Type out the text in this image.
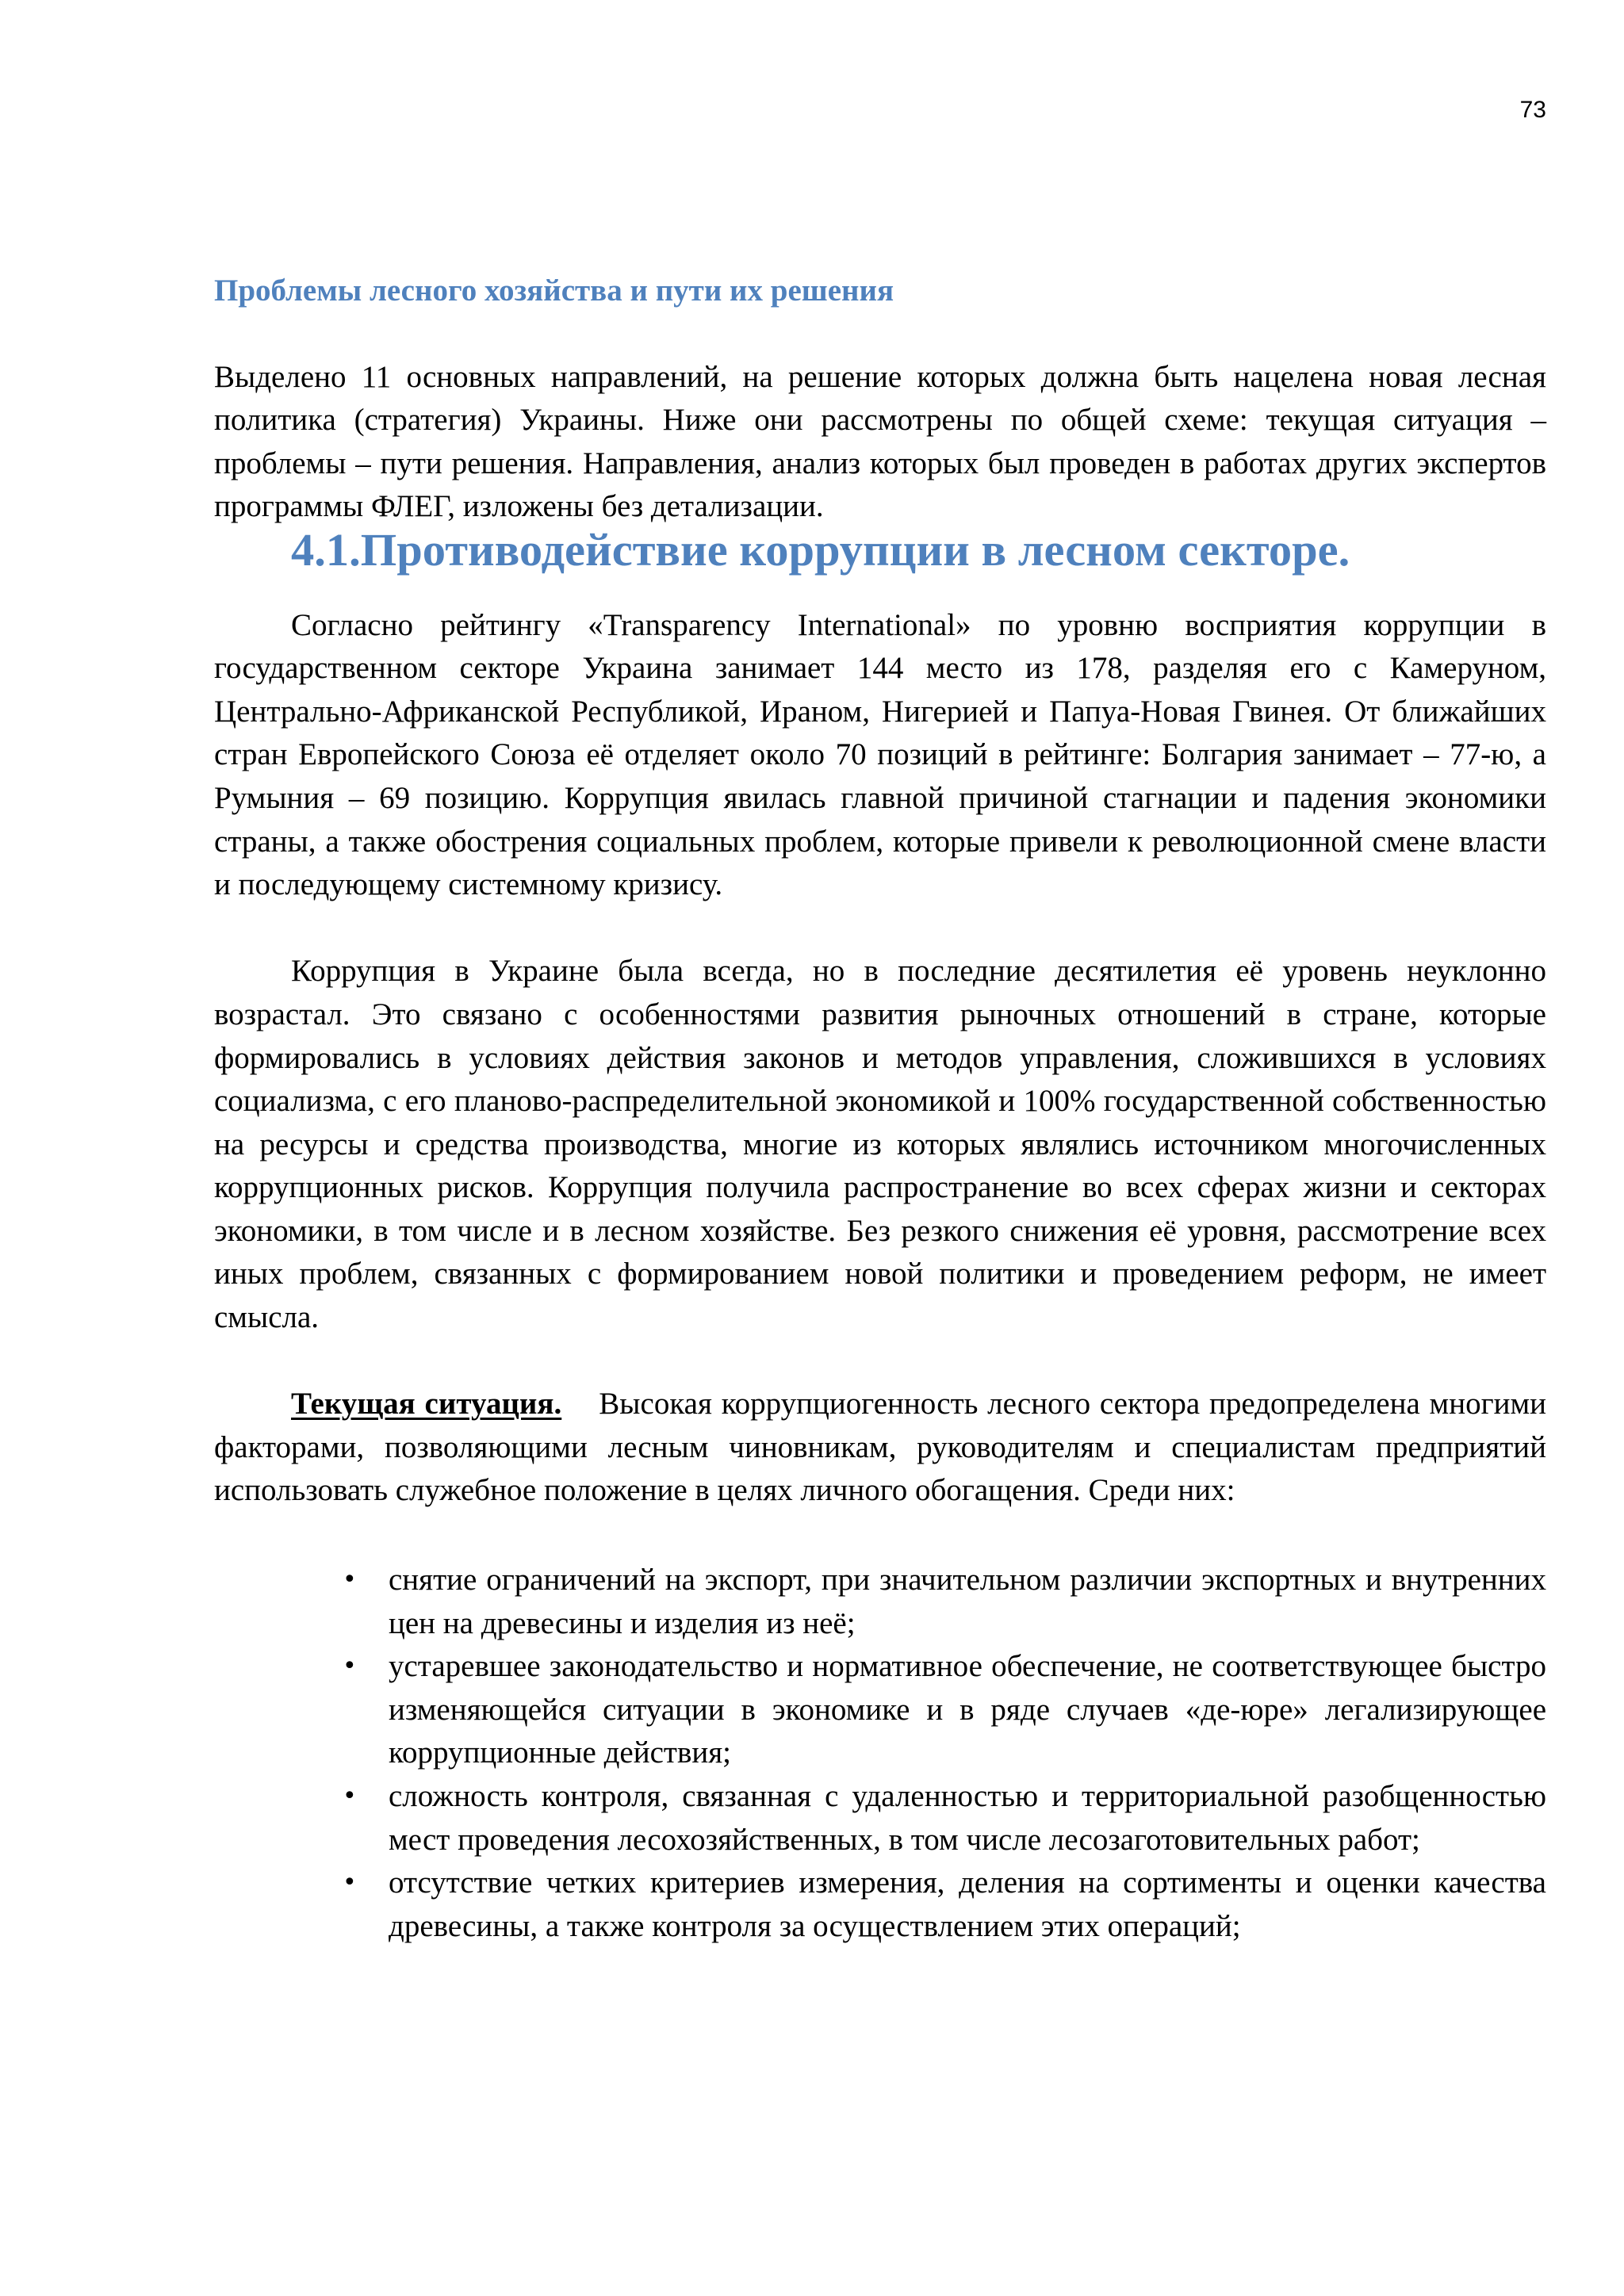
73
Проблемы лесного хозяйства и пути их решения

Выделено 11 основных направлений, на решение которых должна быть нацелена новая лесная политика (стратегия) Украины. Ниже они рассмотрены по общей схеме: текущая ситуация – проблемы – пути решения. Направления, анализ которых был проведен в работах других экспертов программы ФЛЕГ, изложены без детализации.

4.1.Противодействие коррупции в лесном секторе.

Согласно рейтингу «Transparency International» по уровню восприятия коррупции в государственном секторе Украина занимает 144 место из 178, разделяя его с Камеруном, Центрально-Африканской Республикой, Ираном, Нигерией и Папуа-Новая Гвинея. От ближайших стран Европейского Союза её отделяет около 70 позиций в рейтинге: Болгария занимает – 77-ю, а Румыния – 69 позицию. Коррупция явилась главной причиной стагнации и падения экономики страны, а также обострения социальных проблем, которые привели к революционной смене власти и последующему системному кризису.

Коррупция в Украине была всегда, но в последние десятилетия её уровень неуклонно возрастал. Это связано с особенностями развития рыночных отношений в стране, которые формировались в условиях действия законов и методов управления, сложившихся в условиях социализма, с его планово-распределительной экономикой и 100% государственной собственностью на ресурсы и средства производства, многие из которых являлись источником многочисленных коррупционных рисков. Коррупция получила распространение во всех сферах жизни и секторах экономики, в том числе и в лесном хозяйстве. Без резкого снижения её уровня, рассмотрение всех иных проблем, связанных с формированием новой политики и проведением реформ, не имеет смысла.

Текущая ситуация. Высокая коррупциогенность лесного сектора предопределена многими факторами, позволяющими лесным чиновникам, руководителям и специалистам предприятий использовать служебное положение в целях личного обогащения. Среди них:

• снятие ограничений на экспорт, при значительном различии экспортных и внутренних цен на древесины и изделия из неё;
• устаревшее законодательство и нормативное обеспечение, не соответствующее быстро изменяющейся ситуации в экономике и в ряде случаев «де-юре» легализирующее коррупционные действия;
• сложность контроля, связанная с удаленностью и территориальной разобщенностью мест проведения лесохозяйственных, в том числе лесозаготовительных работ;
• отсутствие четких критериев измерения, деления на сортименты и оценки качества древесины, а также контроля за осуществлением этих операций;
